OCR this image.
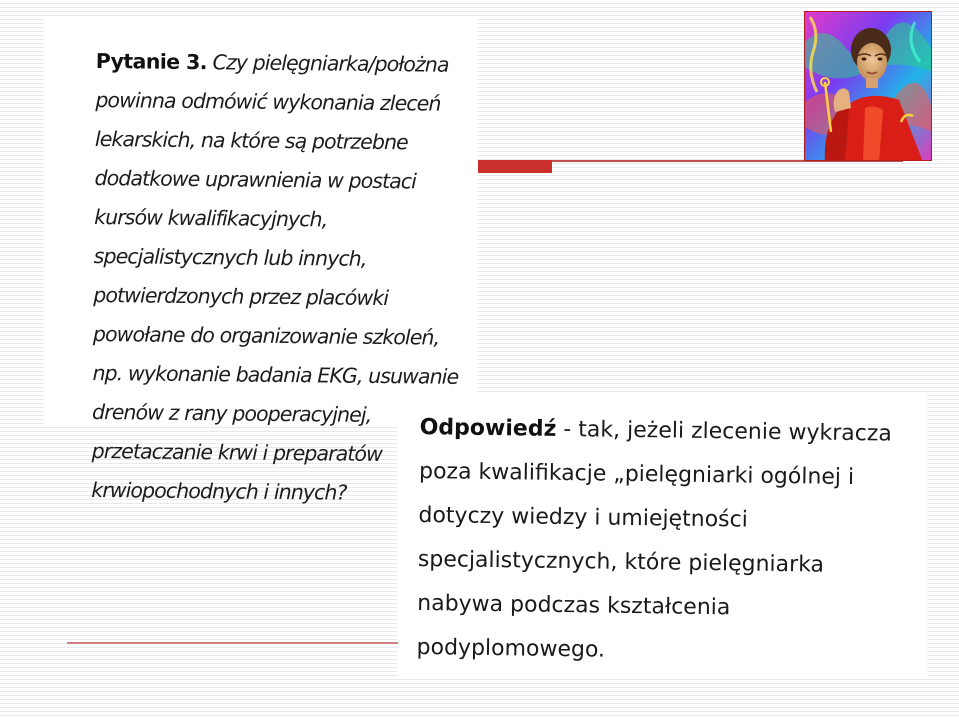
Pytanie 3. Czy pielęgniarka/położna powinna odmówić wykonania zleceń lekarskich, na które są potrzebne dodatkowe uprawnienia w postaci kursów kwalifikacyjnych, specjalistycznych lub innych, potwierdzonych przez placówki powołane do organizowanie szkoleń, np. wykonanie badania EKG, usuwanie drenów z rany pooperacyjnej, przetaczanie krwi i preparatów krwiopochodnych i innych?

Odpowiedź - tak, jeżeli zlecenie wykracza poza kwalifikacje „pielęgniarki ogólnej i dotyczy wiedzy i umiejętności specjalistycznych, które pielęgniarka nabywa podczas kształcenia podyplomowego.
